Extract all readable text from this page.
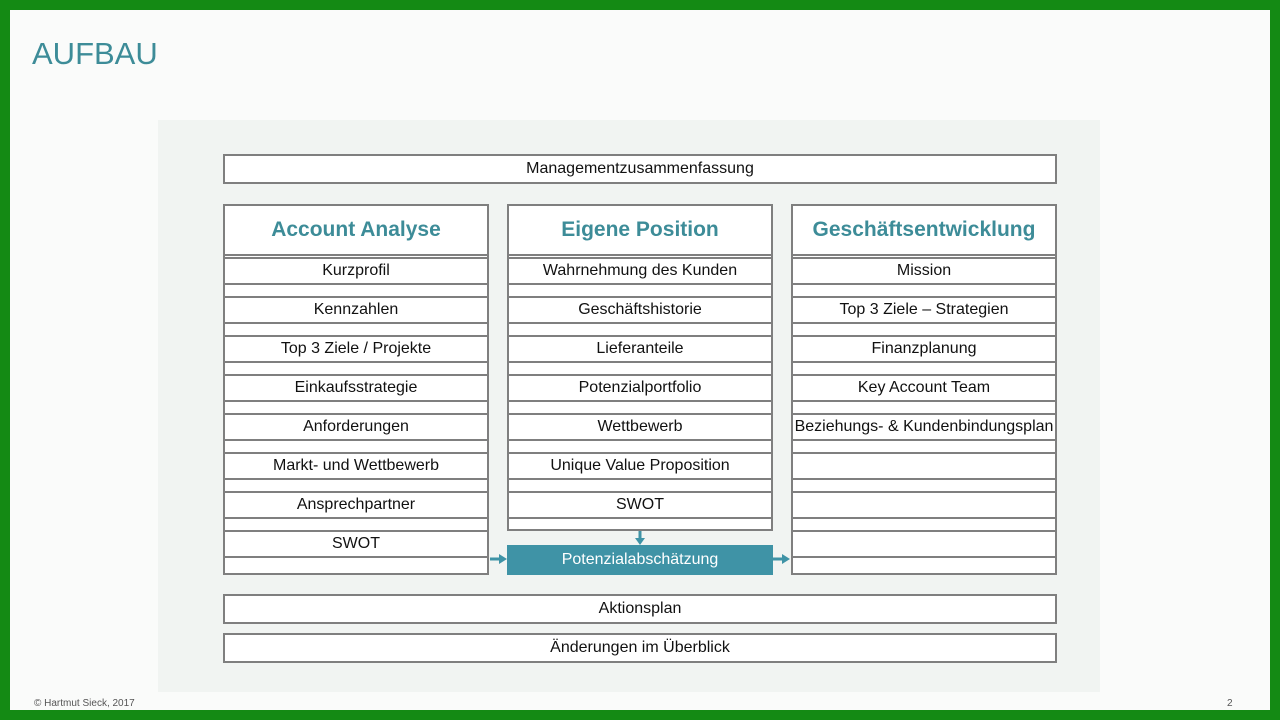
AUFBAU
Managementzusammenfassung
Account Analyse
Kurzprofil
Kennzahlen
Top 3 Ziele / Projekte
Einkaufsstrategie
Anforderungen
Markt- und Wettbewerb
Ansprechpartner
SWOT
Eigene Position
Wahrnehmung des Kunden
Geschäftshistorie
Lieferanteile
Potenzialportfolio
Wettbewerb
Unique Value Proposition
SWOT
Geschäftsentwicklung
Mission
Top 3 Ziele – Strategien
Finanzplanung
Key Account Team
Beziehungs- & Kundenbindungsplan
Potenzialabschätzung
Aktionsplan
Änderungen im Überblick
© Hartmut Sieck, 2017	2
